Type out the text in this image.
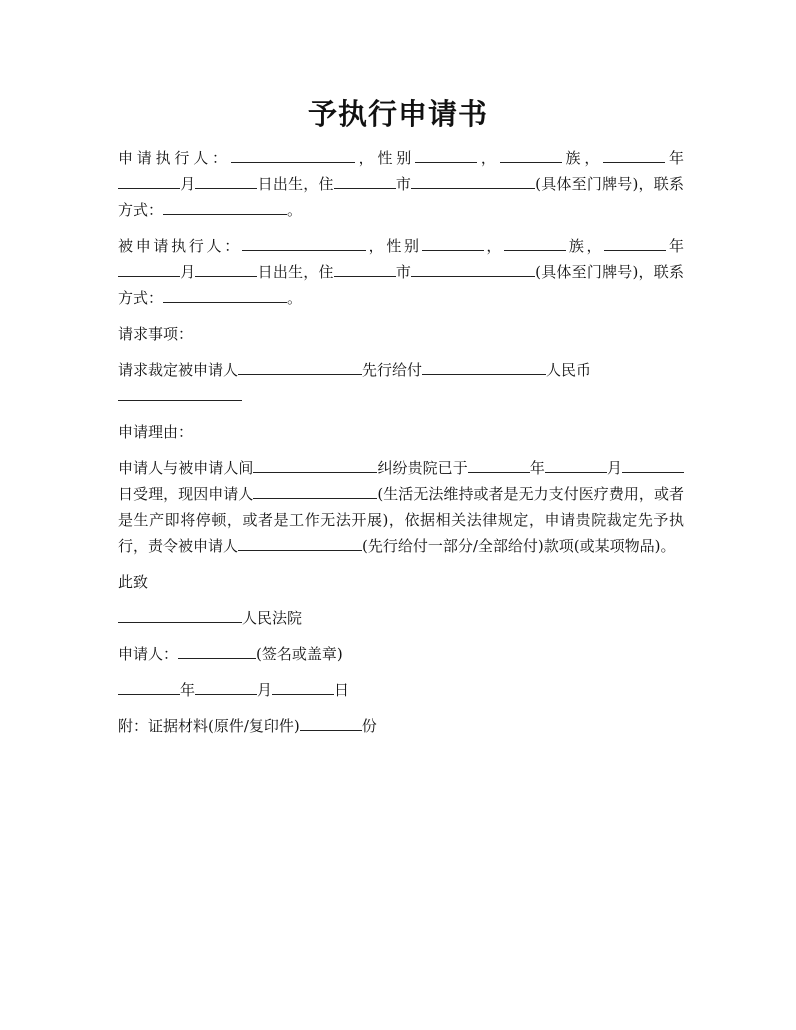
予执行申请书

申请执行人：	，性别	，	族，	年月	日出生，住	市	(具体至门牌号)，联系方式：	。

被申请执行人：	，性别	，	族，	年月	日出生，住	市	(具体至门牌号)，联系方式：	。

请求事项：

请求裁定被申请人	先行给付	人民币

申请理由：

申请人与被申请人间	纠纷贵院已于	年	月日受理，现因申请人	(生活无法维持或者是无力支付医疗费用，或者是生产即将停顿，或者是工作无法开展)，依据相关法律规定，申请贵院裁定先予执行，责令被申请人	(先行给付一部分/全部给付)款项(或某项物品)。

此致

人民法院

申请人：	(签名或盖章)

年	月	日

附：证据材料(原件/复印件)	份
